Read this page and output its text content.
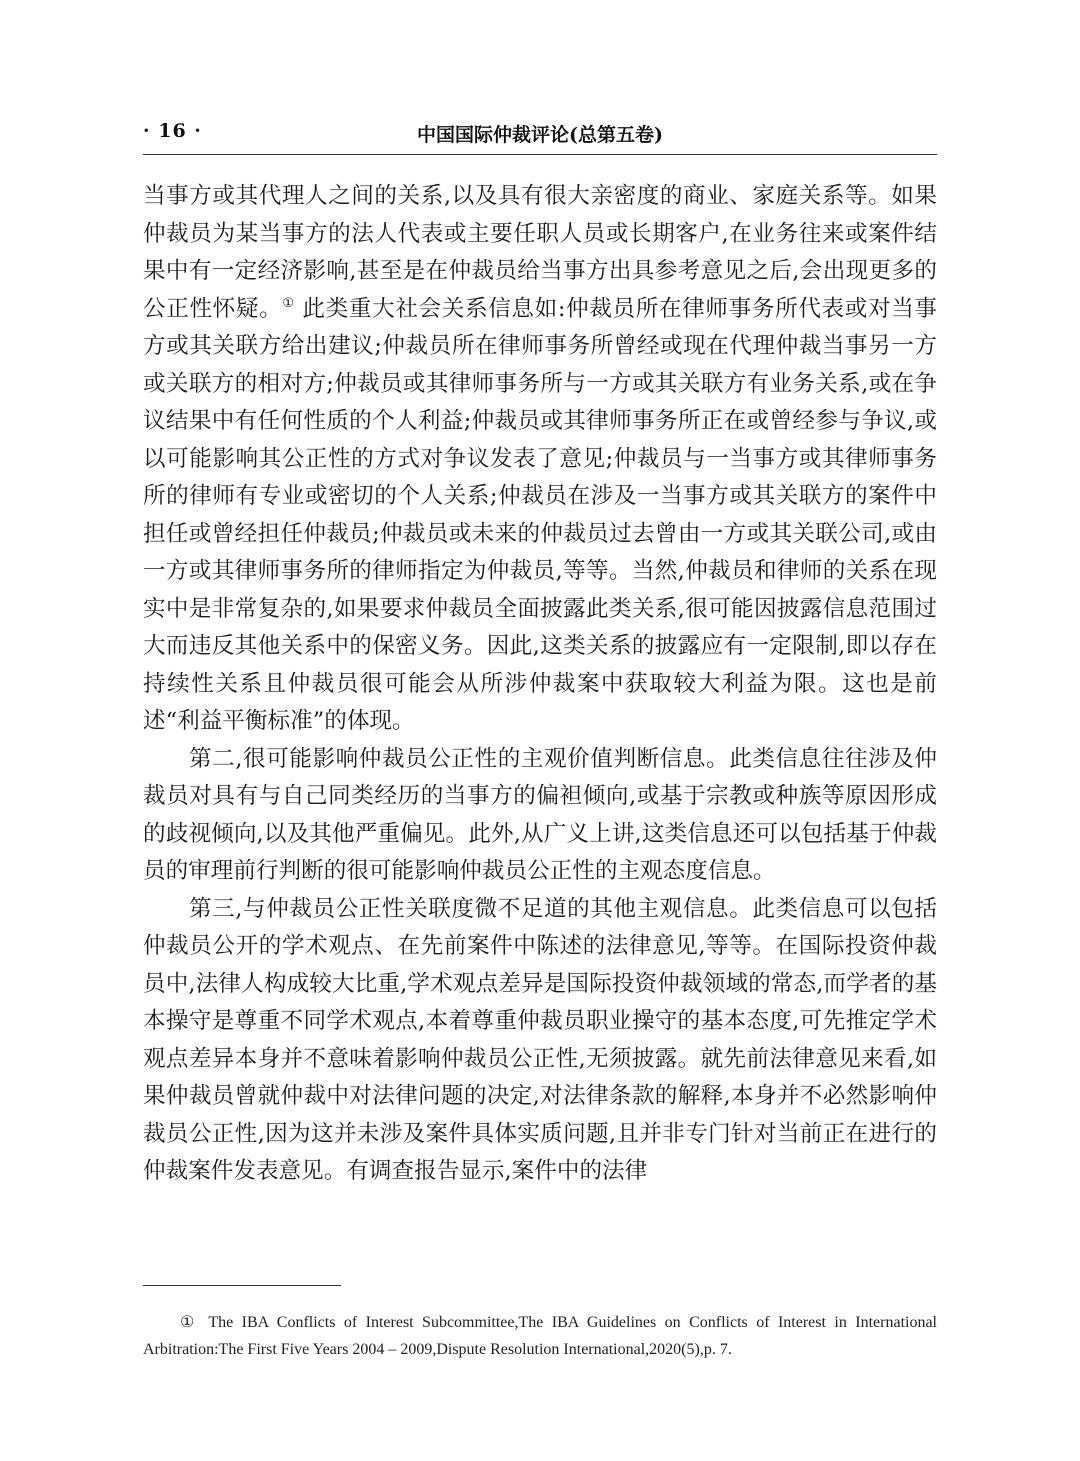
· 16 ·	中国国际仲裁评论(总第五卷)

当事方或其代理人之间的关系,以及具有很大亲密度的商业、家庭关系等。如果仲裁员为某当事方的法人代表或主要任职人员或长期客户,在业务往来或案件结果中有一定经济影响,甚至是在仲裁员给当事方出具参考意见之后,会出现更多的公正性怀疑。① 此类重大社会关系信息如:仲裁员所在律师事务所代表或对当事方或其关联方给出建议;仲裁员所在律师事务所曾经或现在代理仲裁当事另一方或关联方的相对方;仲裁员或其律师事务所与一方或其关联方有业务关系,或在争议结果中有任何性质的个人利益;仲裁员或其律师事务所正在或曾经参与争议,或以可能影响其公正性的方式对争议发表了意见;仲裁员与一当事方或其律师事务所的律师有专业或密切的个人关系;仲裁员在涉及一当事方或其关联方的案件中担任或曾经担任仲裁员;仲裁员或未来的仲裁员过去曾由一方或其关联公司,或由一方或其律师事务所的律师指定为仲裁员,等等。当然,仲裁员和律师的关系在现实中是非常复杂的,如果要求仲裁员全面披露此类关系,很可能因披露信息范围过大而违反其他关系中的保密义务。因此,这类关系的披露应有一定限制,即以存在持续性关系且仲裁员很可能会从所涉仲裁案中获取较大利益为限。这也是前述“利益平衡标准”的体现。

第二,很可能影响仲裁员公正性的主观价值判断信息。此类信息往往涉及仲裁员对具有与自己同类经历的当事方的偏袒倾向,或基于宗教或种族等原因形成的歧视倾向,以及其他严重偏见。此外,从广义上讲,这类信息还可以包括基于仲裁员的审理前行判断的很可能影响仲裁员公正性的主观态度信息。

第三,与仲裁员公正性关联度微不足道的其他主观信息。此类信息可以包括仲裁员公开的学术观点、在先前案件中陈述的法律意见,等等。在国际投资仲裁员中,法律人构成较大比重,学术观点差异是国际投资仲裁领域的常态,而学者的基本操守是尊重不同学术观点,本着尊重仲裁员职业操守的基本态度,可先推定学术观点差异本身并不意味着影响仲裁员公正性,无须披露。就先前法律意见来看,如果仲裁员曾就仲裁中对法律问题的决定,对法律条款的解释,本身并不必然影响仲裁员公正性,因为这并未涉及案件具体实质问题,且并非专门针对当前正在进行的仲裁案件发表意见。有调查报告显示,案件中的法律

① The IBA Conflicts of Interest Subcommittee,The IBA Guidelines on Conflicts of Interest in International Arbitration:The First Five Years 2004 – 2009,Dispute Resolution International,2020(5),p. 7.
